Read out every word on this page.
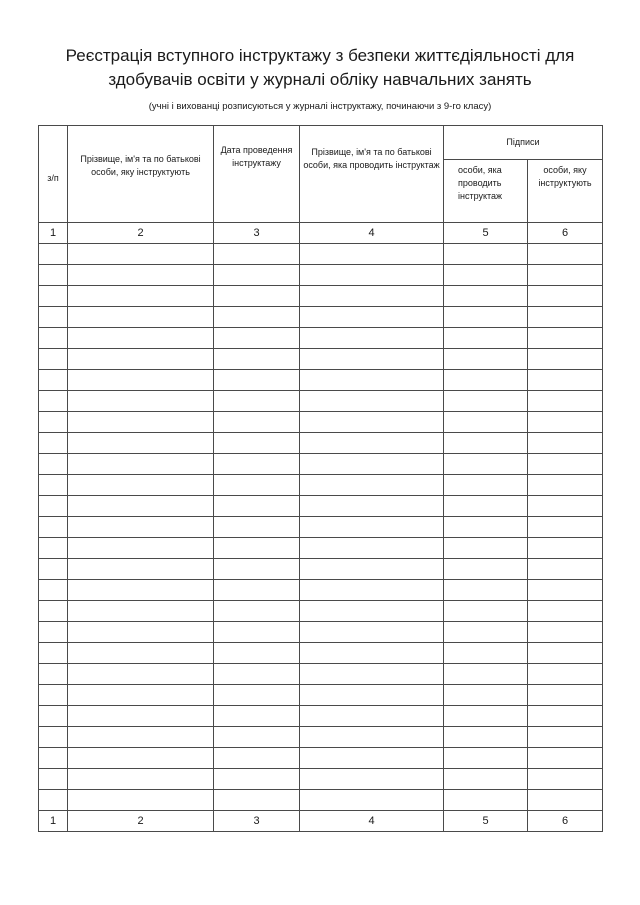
Реєстрація вступного інструктажу з безпеки життєдіяльності для
здобувачів освіти у журналі обліку навчальних занять
(учні і вихованці розписуються у журналі інструктажу, починаючи з 9-го класу)
з/п	Прізвище, ім'я та по батькові особи, яку інструктують	Дата проведення інструктажу	Прізвище, ім'я та по батькові особи, яка проводить інструктаж	Підписи	
				особи, яка проводить інструктаж	особи, яку інструктують
1	2	3	4	5	6

1	2	3	4	5	6
